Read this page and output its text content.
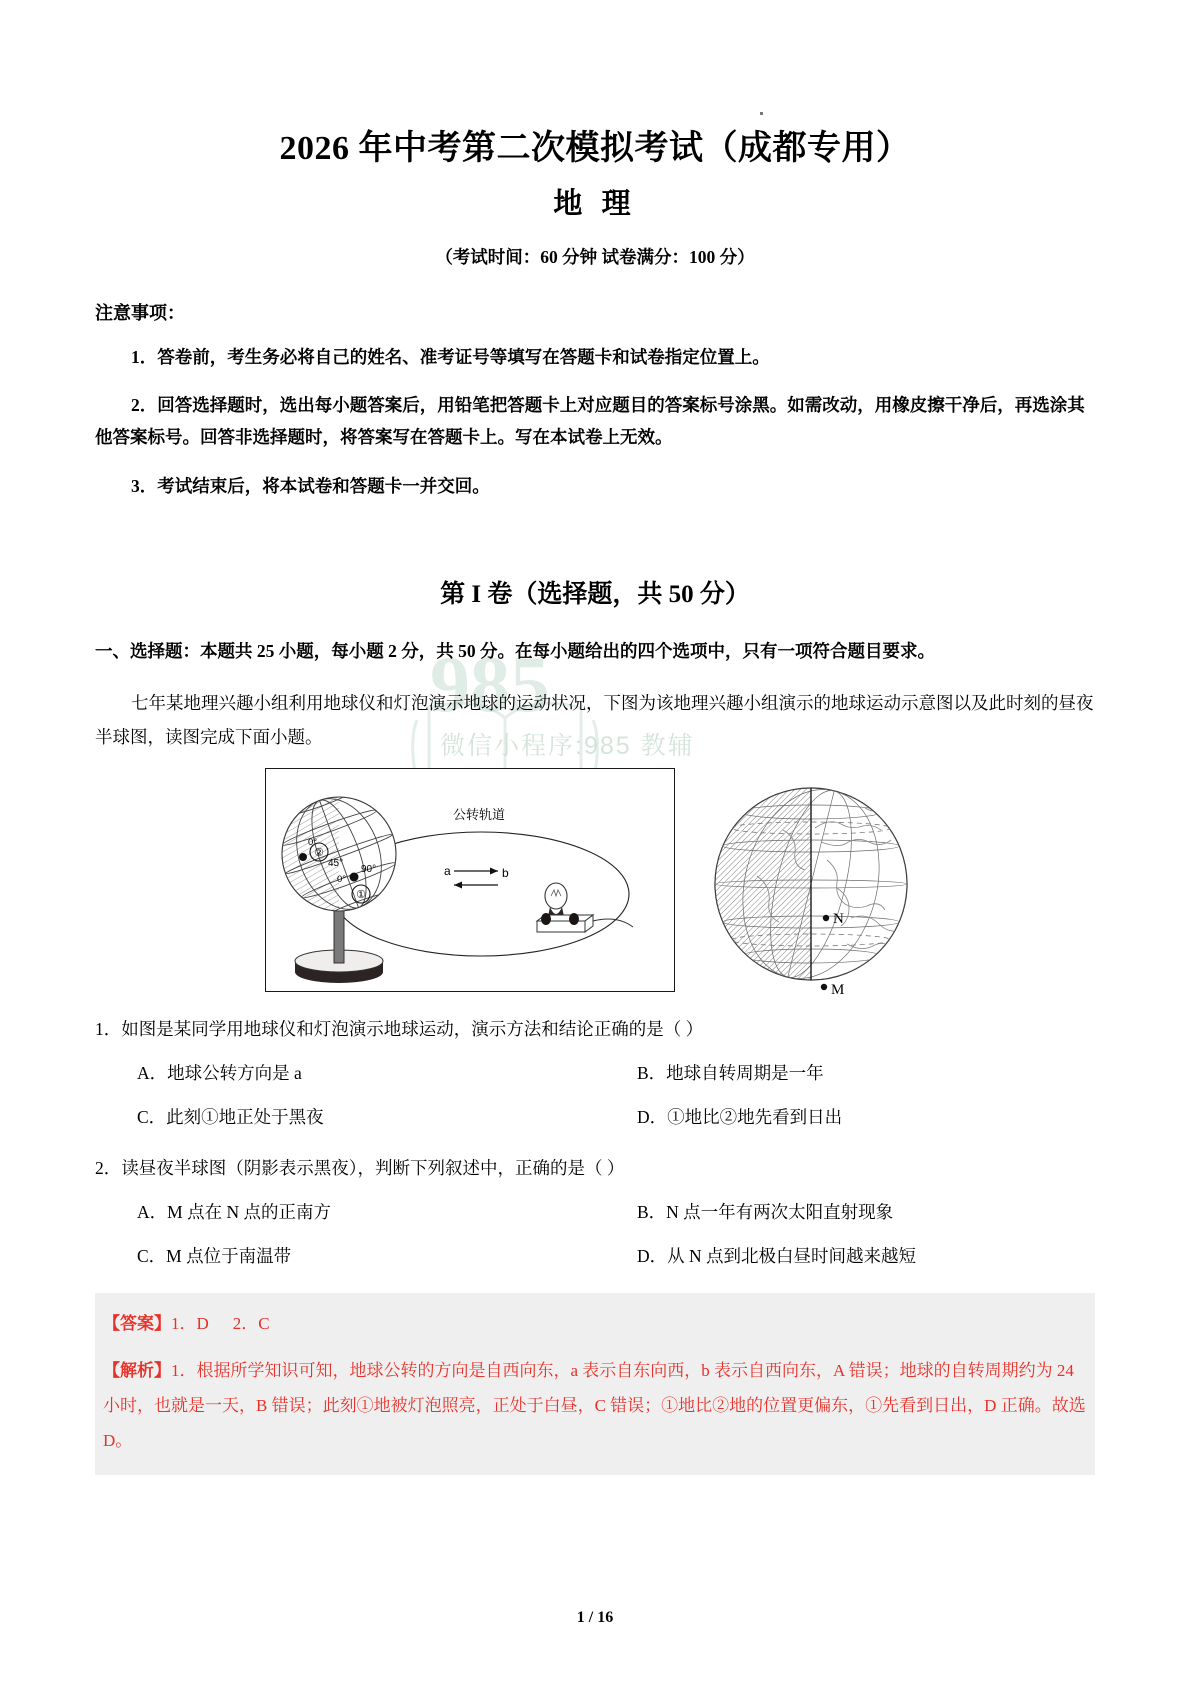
985
微信小程序:985 教辅
2026 年中考第二次模拟考试（成都专用）
地 理
（考试时间：60 分钟 试卷满分：100 分）
注意事项：

1．答卷前，考生务必将自己的姓名、准考证号等填写在答题卡和试卷指定位置上。

2．回答选择题时，选出每小题答案后，用铅笔把答题卡上对应题目的答案标号涂黑。如需改动，用橡皮擦干净后，再选涂其他答案标号。回答非选择题时，将答案写在答题卡上。写在本试卷上无效。

3．考试结束后，将本试卷和答题卡一并交回。

第 I 卷（选择题，共 50 分）

一、选择题：本题共 25 小题，每小题 2 分，共 50 分。在每小题给出的四个选项中，只有一项符合题目要求。

七年某地理兴趣小组利用地球仪和灯泡演示地球的运动状况，下图为该地理兴趣小组演示的地球运动示意图以及此时刻的昼夜半球图，读图完成下面小题。

②
①
0°
45°
90°
0°
公转轨道
a	b
N
M

1．如图是某同学用地球仪和灯泡演示地球运动，演示方法和结论正确的是（ ）

A．地球公转方向是 a	B．地球自转周期是一年
C．此刻①地正处于黑夜	D．①地比②地先看到日出

2．读昼夜半球图（阴影表示黑夜），判断下列叙述中，正确的是（ ）

A．M 点在 N 点的正南方	B．N 点一年有两次太阳直射现象
C．M 点位于南温带	D．从 N 点到北极白昼时间越来越短

【答案】1．D 2．C

【解析】1．根据所学知识可知，地球公转的方向是自西向东，a 表示自东向西，b 表示自西向东，A 错误；地球的自转周期约为 24 小时，也就是一天，B 错误；此刻①地被灯泡照亮，正处于白昼，C 错误；①地比②地的位置更偏东，①先看到日出，D 正确。故选 D。

1 / 16
